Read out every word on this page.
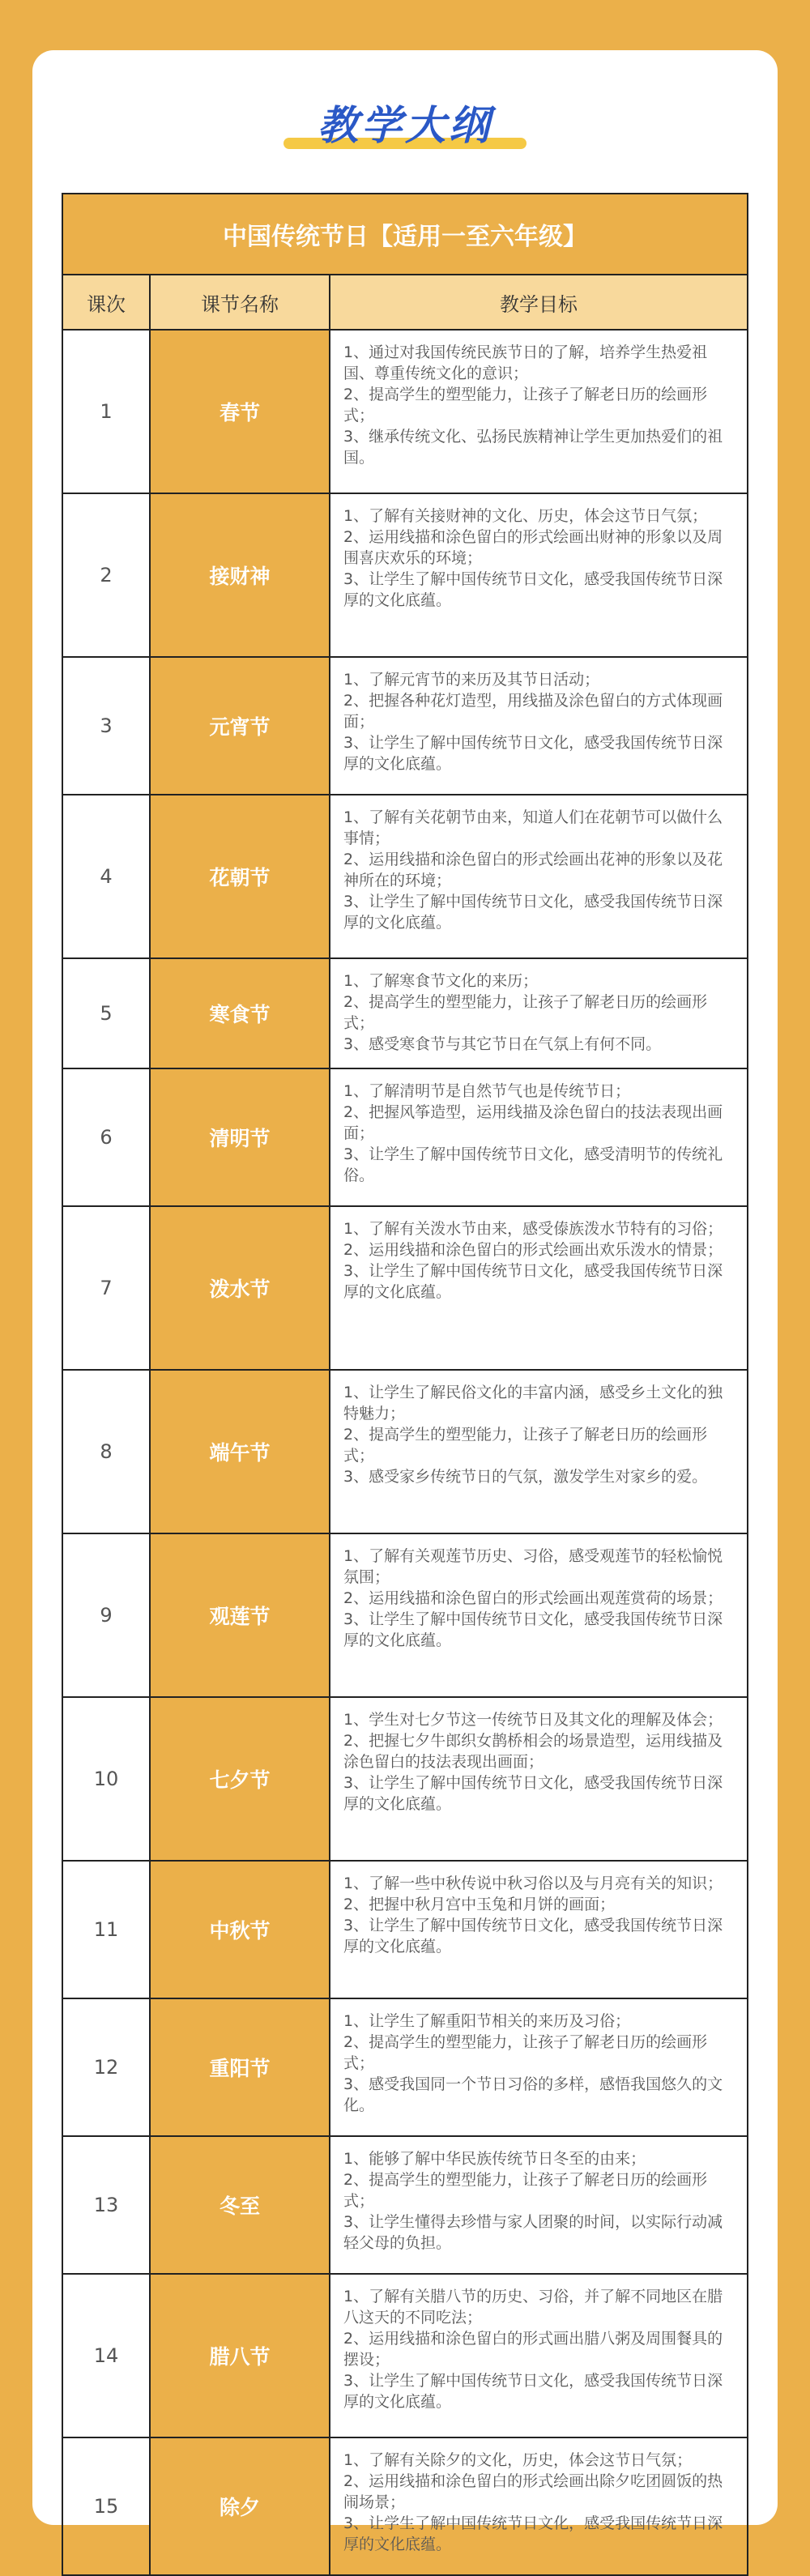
教学大纲
中国传统节日【适用一至六年级】
课次	课节名称	教学目标
1	春节
1、通过对我国传统民族节日的了解，培养学生热爱祖国、尊重传统文化的意识；
2、提高学生的塑型能力，让孩子了解老日历的绘画形式；
3、继承传统文化、弘扬民族精神让学生更加热爱们的祖国。
2	接财神
1、了解有关接财神的文化、历史，体会这节日气氛；
2、运用线描和涂色留白的形式绘画出财神的形象以及周围喜庆欢乐的环境；
3、让学生了解中国传统节日文化，感受我国传统节日深厚的文化底蕴。
3	元宵节
1、了解元宵节的来历及其节日活动；
2、把握各种花灯造型，用线描及涂色留白的方式体现画面；
3、让学生了解中国传统节日文化，感受我国传统节日深厚的文化底蕴。
4	花朝节
1、了解有关花朝节由来，知道人们在花朝节可以做什么事情；
2、运用线描和涂色留白的形式绘画出花神的形象以及花神所在的环境；
3、让学生了解中国传统节日文化，感受我国传统节日深厚的文化底蕴。
5	寒食节
1、了解寒食节文化的来历；
2、提高学生的塑型能力，让孩子了解老日历的绘画形式；
3、感受寒食节与其它节日在气氛上有何不同。
6	清明节
1、了解清明节是自然节气也是传统节日；
2、把握风筝造型，运用线描及涂色留白的技法表现出画面；
3、让学生了解中国传统节日文化，感受清明节的传统礼俗。
7	泼水节
1、了解有关泼水节由来，感受傣族泼水节特有的习俗；
2、运用线描和涂色留白的形式绘画出欢乐泼水的情景；
3、让学生了解中国传统节日文化，感受我国传统节日深厚的文化底蕴。
8	端午节
1、让学生了解民俗文化的丰富内涵，感受乡土文化的独特魅力；
2、提高学生的塑型能力，让孩子了解老日历的绘画形式；
3、感受家乡传统节日的气氛，激发学生对家乡的爱。
9	观莲节
1、了解有关观莲节历史、习俗，感受观莲节的轻松愉悦氛围；
2、运用线描和涂色留白的形式绘画出观莲赏荷的场景；
3、让学生了解中国传统节日文化，感受我国传统节日深厚的文化底蕴。
10	七夕节
1、学生对七夕节这一传统节日及其文化的理解及体会；
2、把握七夕牛郎织女鹊桥相会的场景造型，运用线描及涂色留白的技法表现出画面；
3、让学生了解中国传统节日文化，感受我国传统节日深厚的文化底蕴。
11	中秋节
1、了解一些中秋传说中秋习俗以及与月亮有关的知识；
2、把握中秋月宫中玉兔和月饼的画面；
3、让学生了解中国传统节日文化，感受我国传统节日深厚的文化底蕴。
12	重阳节
1、让学生了解重阳节相关的来历及习俗；
2、提高学生的塑型能力，让孩子了解老日历的绘画形式；
3、感受我国同一个节日习俗的多样，感悟我国悠久的文化。
13	冬至
1、能够了解中华民族传统节日冬至的由来；
2、提高学生的塑型能力，让孩子了解老日历的绘画形式；
3、让学生懂得去珍惜与家人团聚的时间，以实际行动减轻父母的负担。
14	腊八节
1、了解有关腊八节的历史、习俗，并了解不同地区在腊八这天的不同吃法；
2、运用线描和涂色留白的形式画出腊八粥及周围餐具的摆设；
3、让学生了解中国传统节日文化，感受我国传统节日深厚的文化底蕴。
15	除夕
1、了解有关除夕的文化，历史，体会这节日气氛；
2、运用线描和涂色留白的形式绘画出除夕吃团圆饭的热闹场景；
3、让学生了解中国传统节日文化，感受我国传统节日深厚的文化底蕴。
